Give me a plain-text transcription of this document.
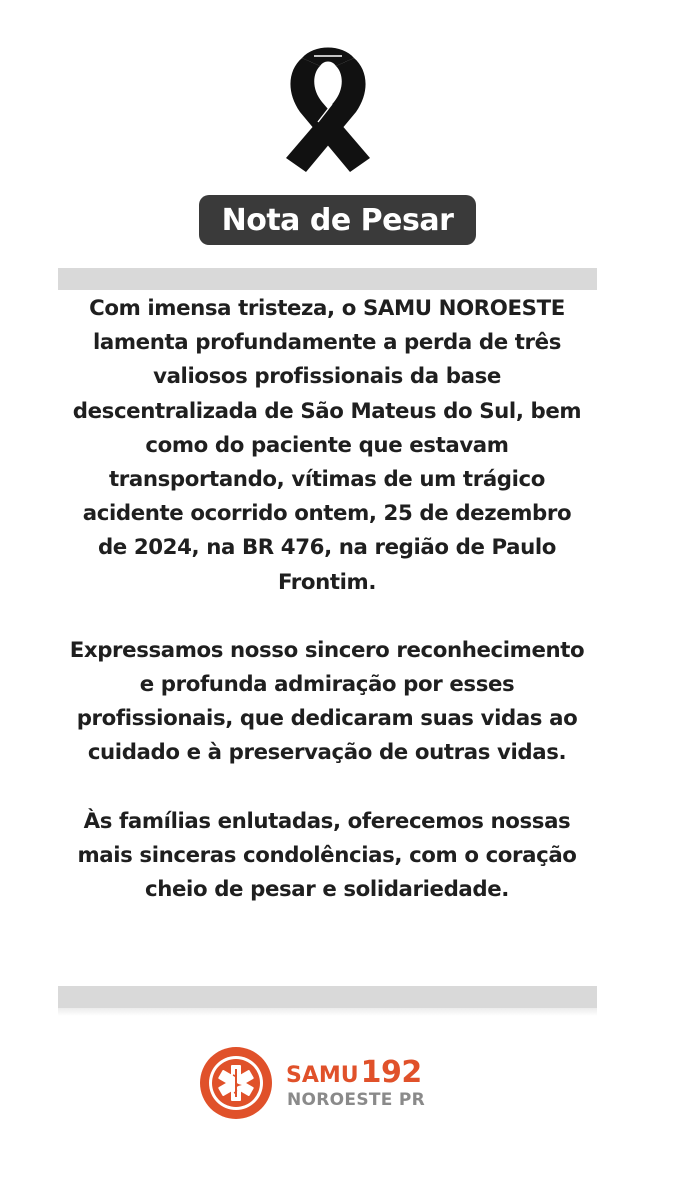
Nota de Pesar

Com imensa tristeza, o SAMU NOROESTE lamenta profundamente a perda de três valiosos profissionais da base descentralizada de São Mateus do Sul, bem como do paciente que estavam transportando, vítimas de um trágico acidente ocorrido ontem, 25 de dezembro de 2024, na BR 476, na região de Paulo Frontim.

Expressamos nosso sincero reconhecimento e profunda admiração por esses profissionais, que dedicaram suas vidas ao cuidado e à preservação de outras vidas.

Às famílias enlutadas, oferecemos nossas mais sinceras condolências, com o coração cheio de pesar e solidariedade.

SAMU 192
NOROESTE PR
